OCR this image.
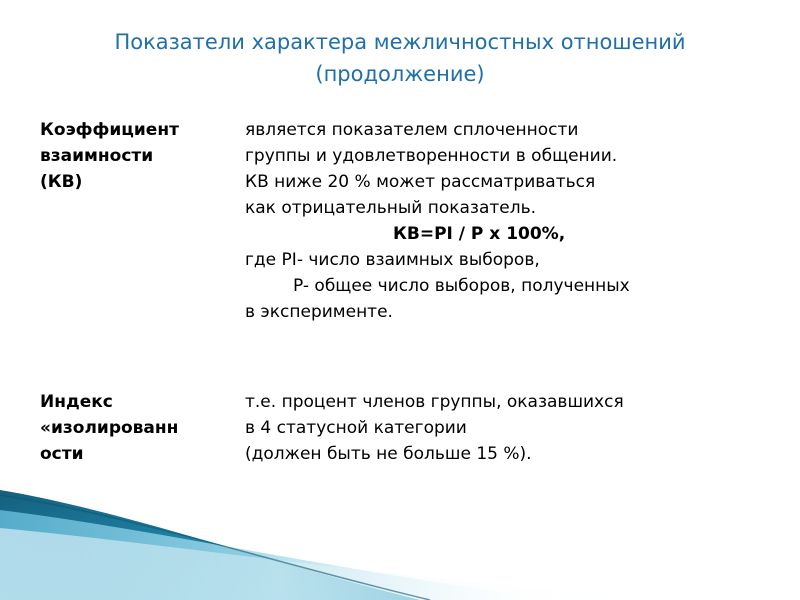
Показатели характера межличностных отношений
(продолжение)
Коэффициент
взаимности
(КВ)
является показателем сплоченности
группы и удовлетворенности в общении.
КВ ниже 20 % может рассматриваться
как отрицательный показатель.
КВ=PI / P х 100%,
где PI- число взаимных выборов,
P- общее число выборов, полученных
в эксперименте.
Индекс
«изолированн
ости
т.е. процент членов группы, оказавшихся
в 4 статусной категории
(должен быть не больше 15 %).
